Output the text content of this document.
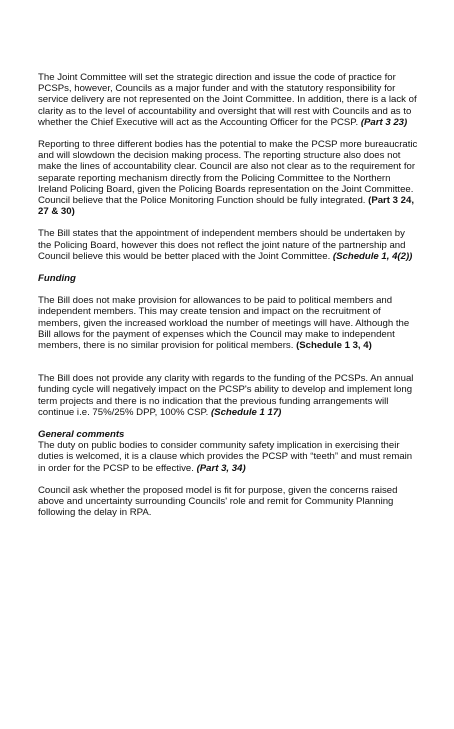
The Joint Committee will set the strategic direction and issue the code of practice for PCSPs, however, Councils as a major funder and with the statutory responsibility for service delivery are not represented on the Joint Committee. In addition, there is a lack of clarity as to the level of accountability and oversight that will rest with Councils and as to whether the Chief Executive will act as the Accounting Officer for the PCSP. (Part 3 23)

Reporting to three different bodies has the potential to make the PCSP more bureaucratic and will slowdown the decision making process. The reporting structure also does not make the lines of accountability clear. Council are also not clear as to the requirement for separate reporting mechanism directly from the Policing Committee to the Northern Ireland Policing Board, given the Policing Boards representation on the Joint Committee. Council believe that the Police Monitoring Function should be fully integrated. (Part 3 24, 27 & 30)

The Bill states that the appointment of independent members should be undertaken by the Policing Board, however this does not reflect the joint nature of the partnership and Council believe this would be better placed with the Joint Committee. (Schedule 1, 4(2))

Funding

The Bill does not make provision for allowances to be paid to political members and independent members. This may create tension and impact on the recruitment of members, given the increased workload the number of meetings will have. Although the Bill allows for the payment of expenses which the Council may make to independent members, there is no similar provision for political members. (Schedule 1 3, 4)

The Bill does not provide any clarity with regards to the funding of the PCSPs. An annual funding cycle will negatively impact on the PCSP's ability to develop and implement long term projects and there is no indication that the previous funding arrangements will continue i.e. 75%/25% DPP, 100% CSP. (Schedule 1 17)

General comments

The duty on public bodies to consider community safety implication in exercising their duties is welcomed, it is a clause which provides the PCSP with “teeth” and must remain in order for the PCSP to be effective. (Part 3, 34)

Council ask whether the proposed model is fit for purpose, given the concerns raised above and uncertainty surrounding Councils' role and remit for Community Planning following the delay in RPA.
